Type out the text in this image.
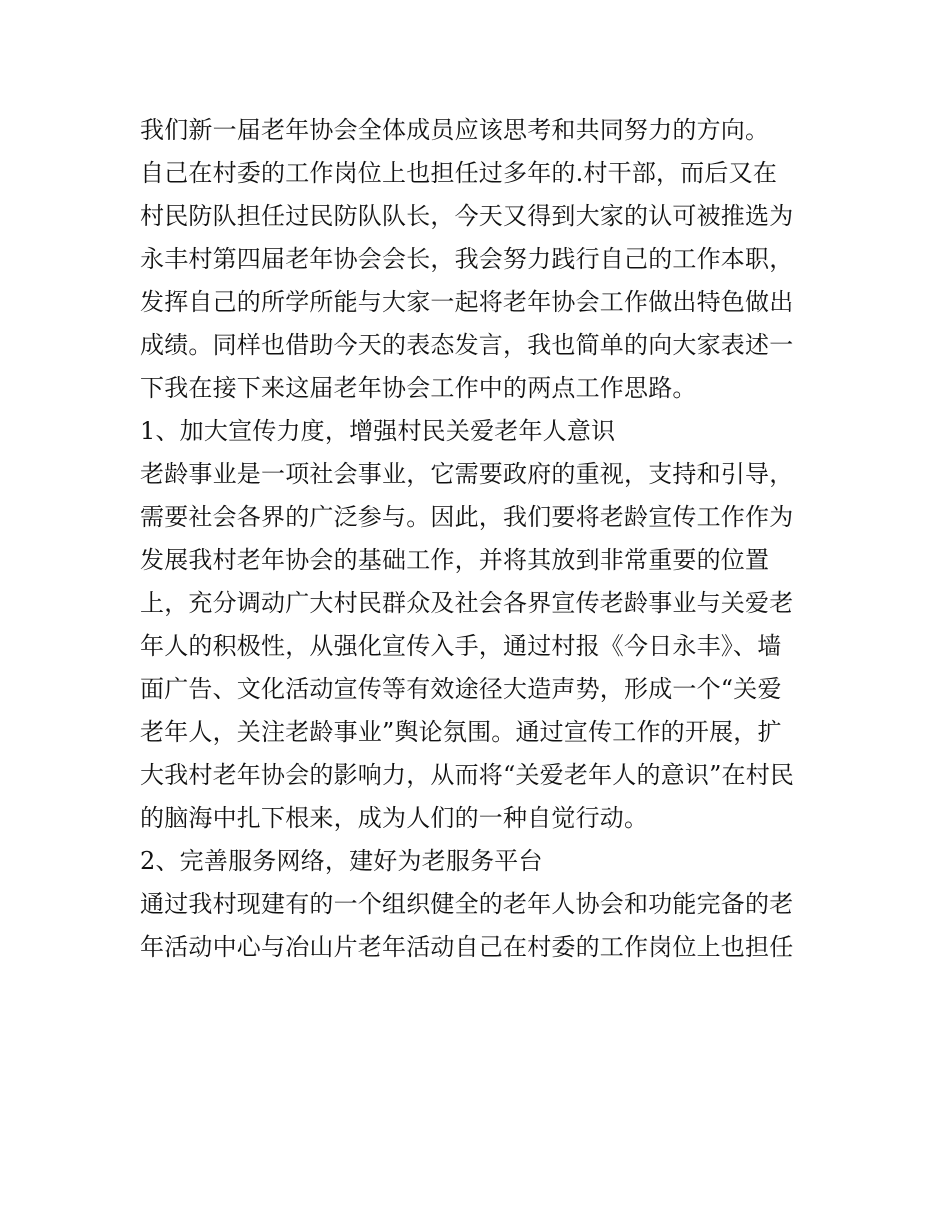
我们新一届老年协会全体成员应该思考和共同努力的方向。
自己在村委的工作岗位上也担任过多年的.村干部，而后又在
村民防队担任过民防队队长，今天又得到大家的认可被推选为
永丰村第四届老年协会会长，我会努力践行自己的工作本职，
发挥自己的所学所能与大家一起将老年协会工作做出特色做出
成绩。同样也借助今天的表态发言，我也简单的向大家表述一
下我在接下来这届老年协会工作中的两点工作思路。
1、加大宣传力度，增强村民关爱老年人意识
老龄事业是一项社会事业，它需要政府的重视，支持和引导，
需要社会各界的广泛参与。因此，我们要将老龄宣传工作作为
发展我村老年协会的基础工作，并将其放到非常重要的位置
上，充分调动广大村民群众及社会各界宣传老龄事业与关爱老
年人的积极性，从强化宣传入手，通过村报《今日永丰》、墙
面广告、文化活动宣传等有效途径大造声势，形成一个“关爱
老年人，关注老龄事业”舆论氛围。通过宣传工作的开展，扩
大我村老年协会的影响力，从而将“关爱老年人的意识”在村民
的脑海中扎下根来，成为人们的一种自觉行动。
2、完善服务网络，建好为老服务平台
通过我村现建有的一个组织健全的老年人协会和功能完备的老
年活动中心与冶山片老年活动自己在村委的工作岗位上也担任
